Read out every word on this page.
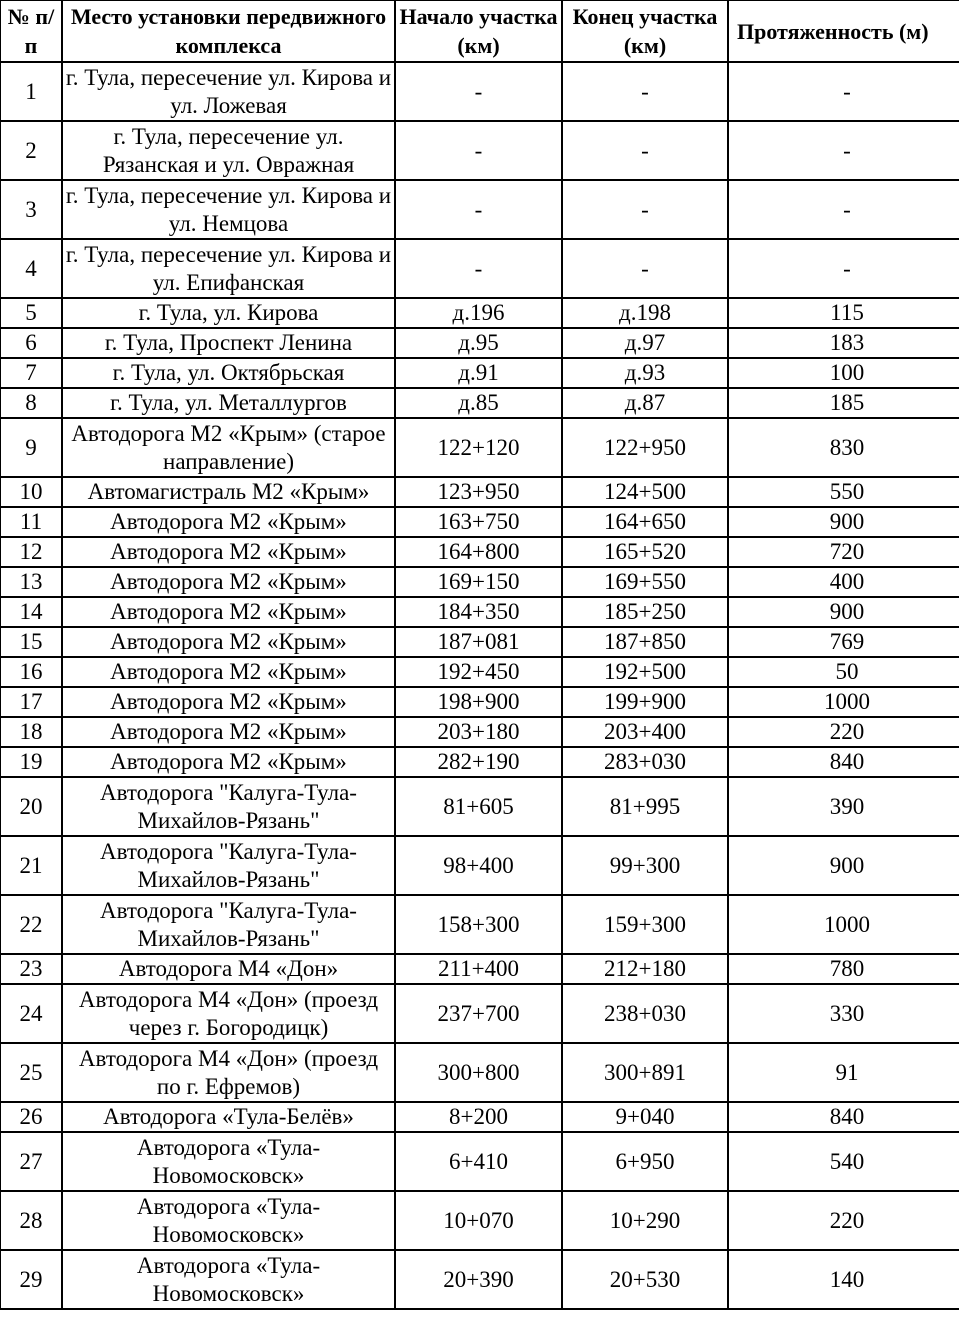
№ п/п	Место установки передвижного комплекса	Начало участка (км)	Конец участка (км)	Протяженность (м)
1	г. Тула, пересечение ул. Кирова и ул. Ложевая	-	-	-
2	г. Тула, пересечение ул. Рязанская и ул. Овражная	-	-	-
3	г. Тула, пересечение ул. Кирова и ул. Немцова	-	-	-
4	г. Тула, пересечение ул. Кирова и ул. Епифанская	-	-	-
5	г. Тула, ул. Кирова	д.196	д.198	115
6	г. Тула, Проспект Ленина	д.95	д.97	183
7	г. Тула, ул. Октябрьская	д.91	д.93	100
8	г. Тула, ул. Металлургов	д.85	д.87	185
9	Автодорога М2 «Крым» (старое направление)	122+120	122+950	830
10	Автомагистраль М2 «Крым»	123+950	124+500	550
11	Автодорога М2 «Крым»	163+750	164+650	900
12	Автодорога М2 «Крым»	164+800	165+520	720
13	Автодорога М2 «Крым»	169+150	169+550	400
14	Автодорога М2 «Крым»	184+350	185+250	900
15	Автодорога М2 «Крым»	187+081	187+850	769
16	Автодорога М2 «Крым»	192+450	192+500	50
17	Автодорога М2 «Крым»	198+900	199+900	1000
18	Автодорога М2 «Крым»	203+180	203+400	220
19	Автодорога М2 «Крым»	282+190	283+030	840
20	Автодорога "Калуга-Тула-Михайлов-Рязань"	81+605	81+995	390
21	Автодорога "Калуга-Тула-Михайлов-Рязань"	98+400	99+300	900
22	Автодорога "Калуга-Тула-Михайлов-Рязань"	158+300	159+300	1000
23	Автодорога М4 «Дон»	211+400	212+180	780
24	Автодорога М4 «Дон» (проезд через г. Богородицк)	237+700	238+030	330
25	Автодорога М4 «Дон» (проезд по г. Ефремов)	300+800	300+891	91
26	Автодорога «Тула-Белёв»	8+200	9+040	840
27	Автодорога «Тула-Новомосковск»	6+410	6+950	540
28	Автодорога «Тула-Новомосковск»	10+070	10+290	220
29	Автодорога «Тула-Новомосковск»	20+390	20+530	140
